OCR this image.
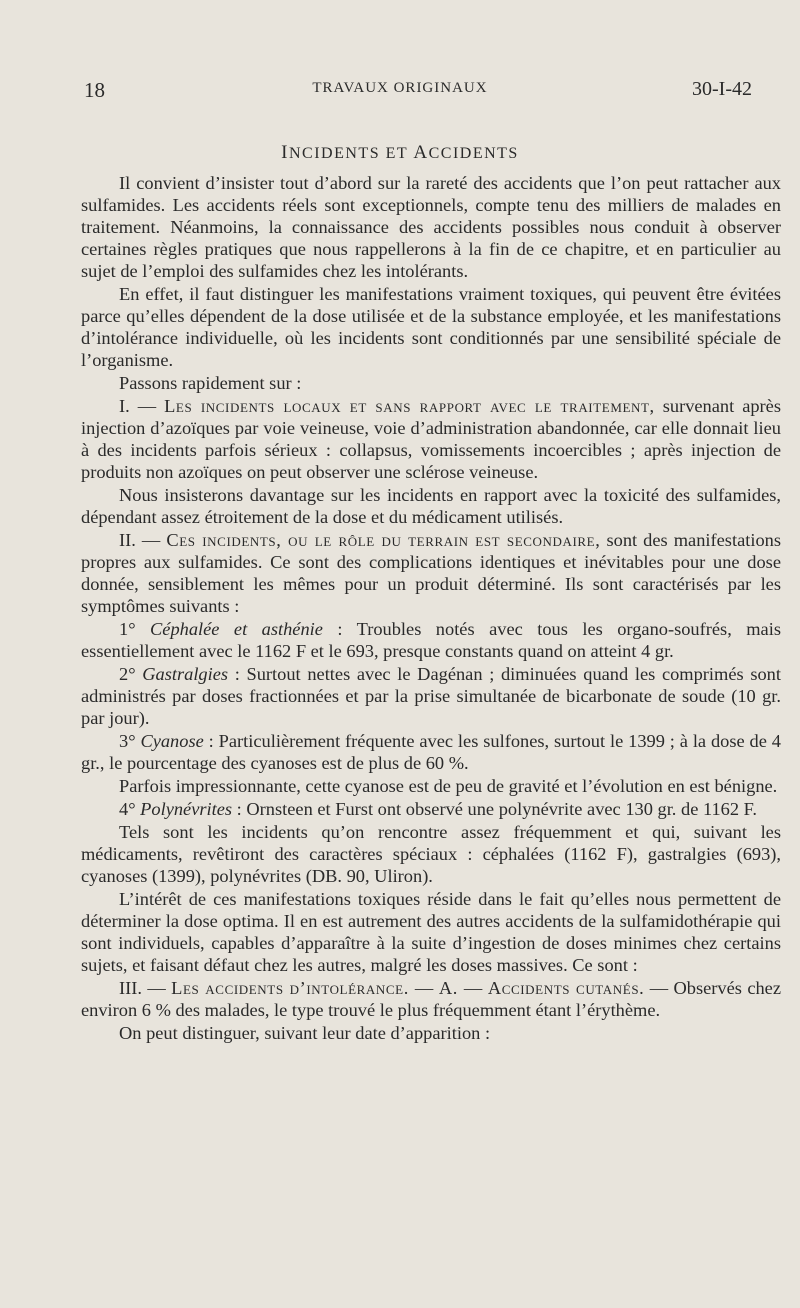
18	TRAVAUX ORIGINAUX	30-I-42
INCIDENTS ET ACCIDENTS

Il convient d’insister tout d’abord sur la rareté des accidents que l’on peut rattacher aux sulfamides. Les accidents réels sont exceptionnels, compte tenu des milliers de malades en traitement. Néanmoins, la connaissance des accidents possibles nous conduit à observer certaines règles pratiques que nous rappellerons à la fin de ce chapitre, et en particulier au sujet de l’emploi des sulfamides chez les intolérants.

En effet, il faut distinguer les manifestations vraiment toxiques, qui peuvent être évitées parce qu’elles dépendent de la dose utilisée et de la substance employée, et les manifestations d’intolérance individuelle, où les incidents sont conditionnés par une sensibilité spéciale de l’organisme.

Passons rapidement sur :

I. — Les incidents locaux et sans rapport avec le traitement, survenant après injection d’azoïques par voie veineuse, voie d’administration abandonnée, car elle donnait lieu à des incidents parfois sérieux : collapsus, vomissements incoercibles ; après injection de produits non azoïques on peut observer une sclérose veineuse.

Nous insisterons davantage sur les incidents en rapport avec la toxicité des sulfamides, dépendant assez étroitement de la dose et du médicament utilisés.

II. — Ces incidents, ou le rôle du terrain est secondaire, sont des manifestations propres aux sulfamides. Ce sont des complications identiques et inévitables pour une dose donnée, sensiblement les mêmes pour un produit déterminé. Ils sont caractérisés par les symptômes suivants :

1° Céphalée et asthénie : Troubles notés avec tous les organo-soufrés, mais essentiellement avec le 1162 F et le 693, presque constants quand on atteint 4 gr.

2° Gastralgies : Surtout nettes avec le Dagénan ; diminuées quand les comprimés sont administrés par doses fractionnées et par la prise simultanée de bicarbonate de soude (10 gr. par jour).

3° Cyanose : Particulièrement fréquente avec les sulfones, surtout le 1399 ; à la dose de 4 gr., le pourcentage des cyanoses est de plus de 60 %.

Parfois impressionnante, cette cyanose est de peu de gravité et l’évolution en est bénigne.

4° Polynévrites : Ornsteen et Furst ont observé une polynévrite avec 130 gr. de 1162 F.

Tels sont les incidents qu’on rencontre assez fréquemment et qui, suivant les médicaments, revêtiront des caractères spéciaux : céphalées (1162 F), gastralgies (693), cyanoses (1399), polynévrites (DB. 90, Uliron).

L’intérêt de ces manifestations toxiques réside dans le fait qu’elles nous permettent de déterminer la dose optima. Il en est autrement des autres accidents de la sulfamidothérapie qui sont individuels, capables d’apparaître à la suite d’ingestion de doses minimes chez certains sujets, et faisant défaut chez les autres, malgré les doses massives. Ce sont :

III. — Les accidents d’intolérance. — A. — Accidents cutanés. — Observés chez environ 6 % des malades, le type trouvé le plus fréquemment étant l’érythème.

On peut distinguer, suivant leur date d’apparition :
